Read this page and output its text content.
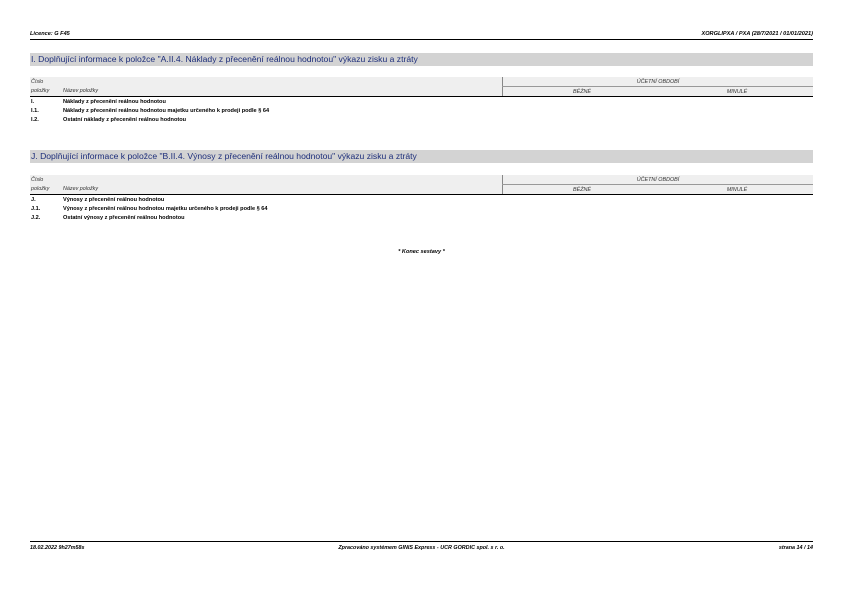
Licence: G F45	XORGLIPXA / PXA (28/7/2021 / 01/01/2021)
I. Doplňující informace k položce "A.II.4. Náklady z přecenění reálnou hodnotou" výkazu zisku a ztráty
Číslo		ÚČETNÍ OBDOBÍ	
položky	Název položky	BĚŽNÉ	MINULÉ
I.	Náklady z přecenění reálnou hodnotou		
I.1.	Náklady z přecenění reálnou hodnotou majetku určeného k prodeji podle § 64		
I.2.	Ostatní náklady z přecenění reálnou hodnotou		
J. Doplňující informace k položce "B.II.4. Výnosy z přecenění reálnou hodnotou" výkazu zisku a ztráty
Číslo		ÚČETNÍ OBDOBÍ	
položky	Název položky	BĚŽNÉ	MINULÉ
J.	Výnosy z přecenění reálnou hodnotou		
J.1.	Výnosy z přecenění reálnou hodnotou majetku určeného k prodeji podle § 64		
J.2.	Ostatní výnosy z přecenění reálnou hodnotou		
* Konec sestavy *
Zpracováno systémem GINIS Express - UCR GORDIC spol. s r. o.
18.02.2022 9h27m58s	strana 14 / 14
